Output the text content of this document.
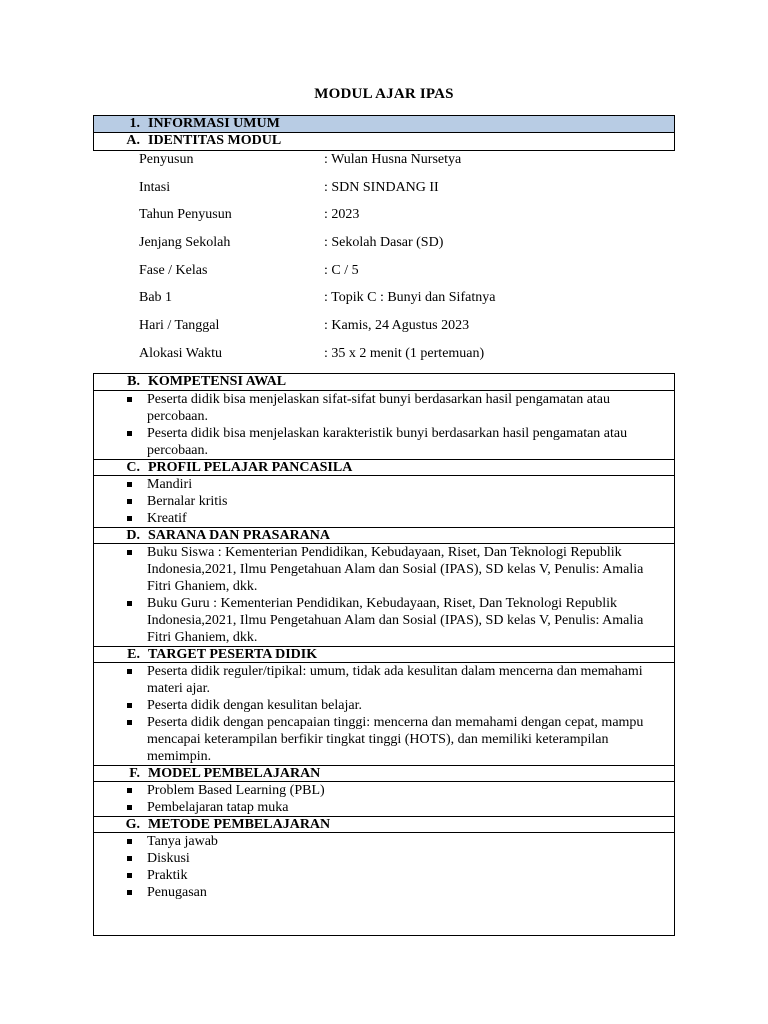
MODUL AJAR IPAS
1. INFORMASI UMUM
A. IDENTITAS MODUL
Penyusun	: Wulan Husna Nursetya
Intasi	: SDN SINDANG II
Tahun Penyusun	: 2023
Jenjang Sekolah	: Sekolah Dasar (SD)
Fase / Kelas	: C / 5
Bab 1	: Topik C : Bunyi dan Sifatnya
Hari / Tanggal	: Kamis, 24 Agustus 2023
Alokasi Waktu	: 35 x 2 menit (1 pertemuan)
B. KOMPETENSI AWAL
Peserta didik bisa menjelaskan sifat-sifat bunyi berdasarkan hasil pengamatan atau percobaan.
Peserta didik bisa menjelaskan karakteristik bunyi berdasarkan hasil pengamatan atau percobaan.
C. PROFIL PELAJAR PANCASILA
Mandiri
Bernalar kritis
Kreatif
D. SARANA DAN PRASARANA
Buku Siswa : Kementerian Pendidikan, Kebudayaan, Riset, Dan Teknologi Republik Indonesia,2021, Ilmu Pengetahuan Alam dan Sosial (IPAS), SD kelas V, Penulis: Amalia Fitri Ghaniem, dkk.
Buku Guru : Kementerian Pendidikan, Kebudayaan, Riset, Dan Teknologi Republik Indonesia,2021, Ilmu Pengetahuan Alam dan Sosial (IPAS), SD kelas V, Penulis: Amalia Fitri Ghaniem, dkk.
E. TARGET PESERTA DIDIK
Peserta didik reguler/tipikal: umum, tidak ada kesulitan dalam mencerna dan memahami materi ajar.
Peserta didik dengan kesulitan belajar.
Peserta didik dengan pencapaian tinggi: mencerna dan memahami dengan cepat, mampu mencapai keterampilan berfikir tingkat tinggi (HOTS), dan memiliki keterampilan memimpin.
F. MODEL PEMBELAJARAN
Problem Based Learning (PBL)
Pembelajaran tatap muka
G. METODE PEMBELAJARAN
Tanya jawab
Diskusi
Praktik
Penugasan
